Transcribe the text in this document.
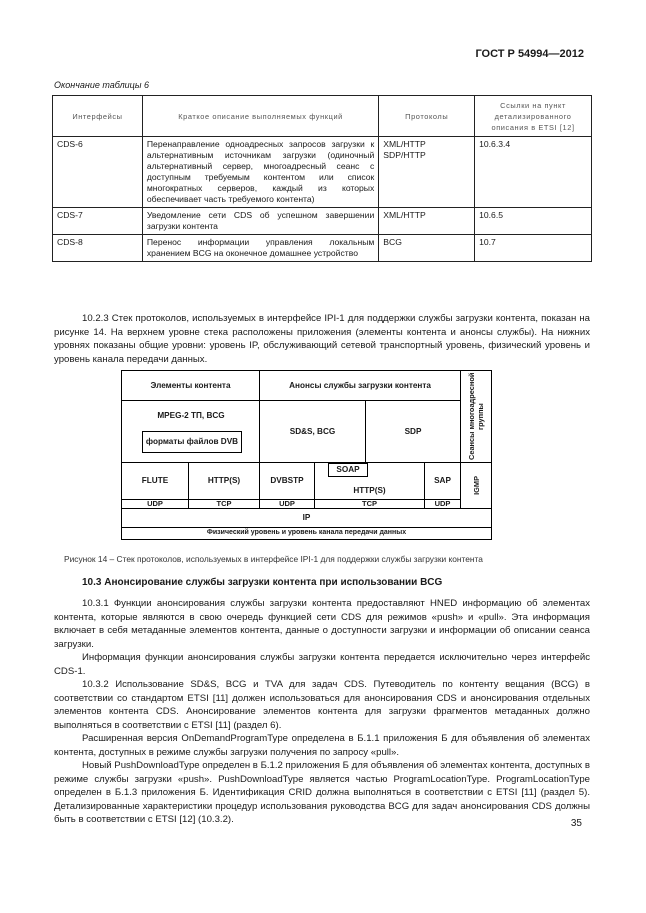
ГОСТ Р 54994—2012
Окончание таблицы 6
Интерфейсы	Краткое описание выполняемых функций	Протоколы	Ссылки на пункт детализированного описания в ETSI [12]
CDS-6	Перенаправление одноадресных запросов загрузки к альтернативным источникам загрузки (одиночный альтернативный сервер, многоадресный сеанс с доступным требуемым контентом или список многократных серверов, каждый из которых обеспечивает часть требуемого контента)	XML/HTTP SDP/HTTP	10.6.3.4
CDS-7	Уведомление сети CDS об успешном завершении загрузки контента	XML/HTTP	10.6.5
CDS-8	Перенос информации управления локальным хранением BCG на оконечное домашнее устройство	BCG	10.7
10.2.3 Стек протоколов, используемых в интерфейсе IPI-1 для поддержки службы загрузки контента, показан на рисунке 14. На верхнем уровне стека расположены приложения (элементы контента и анонсы службы). На нижних уровнях показаны общие уровни: уровень IP, обслуживающий сетевой транспортный уровень, физический уровень и уровень канала передачи данных.
Элементы контента	Анонсы службы загрузки контента	Сеансы многоадресной группы
MPEG-2 TП, BCG
форматы файлов DVB
SD&S, BCG	SDP
FLUTE	HTTP(S)	DVBSTP
HTTP(S)
SOAP
SAP	IGMP
UDP	TCP	UDP	TCP	UDP
IP
Физический уровень и уровень канала передачи данных
Рисунок 14 – Стек протоколов, используемых в интерфейсе IPI-1 для поддержки службы загрузки контента
10.3 Анонсирование службы загрузки контента при использовании BCG
10.3.1 Функции анонсирования службы загрузки контента предоставляют HNED информацию об элементах контента, которые являются в свою очередь функцией сети CDS для режимов «push» и «pull». Эта информация включает в себя метаданные элементов контента, данные о доступности загрузки и информации об описании сеанса загрузки.
Информация функции анонсирования службы загрузки контента передается исключительно через интерфейс CDS-1.
10.3.2 Использование SD&S, BCG и TVA для задач CDS. Путеводитель по контенту вещания (BCG) в соответствии со стандартом ETSI [11] должен использоваться для анонсирования CDS и анонсирования отдельных элементов контента CDS. Анонсирование элементов контента для загрузки фрагментов метаданных должно выполняться в соответствии с ETSI [11] (раздел 6).
Расширенная версия OnDemandProgramType определена в Б.1.1 приложения Б для объявления об элементах контента, доступных в режиме службы загрузки получения по запросу «pull».
Новый PushDownloadType определен в Б.1.2 приложения Б для объявления об элементах контента, доступных в режиме службы загрузки «push». PushDownloadType является частью ProgramLocationType. ProgramLocationType определен в Б.1.3 приложения Б. Идентификация CRID должна выполняться в соответствии с ETSI [11] (раздел 5). Детализированные характеристики процедур использования руководства BCG для задач анонсирования CDS должны быть в соответствии с ETSI [12] (10.3.2).	35
